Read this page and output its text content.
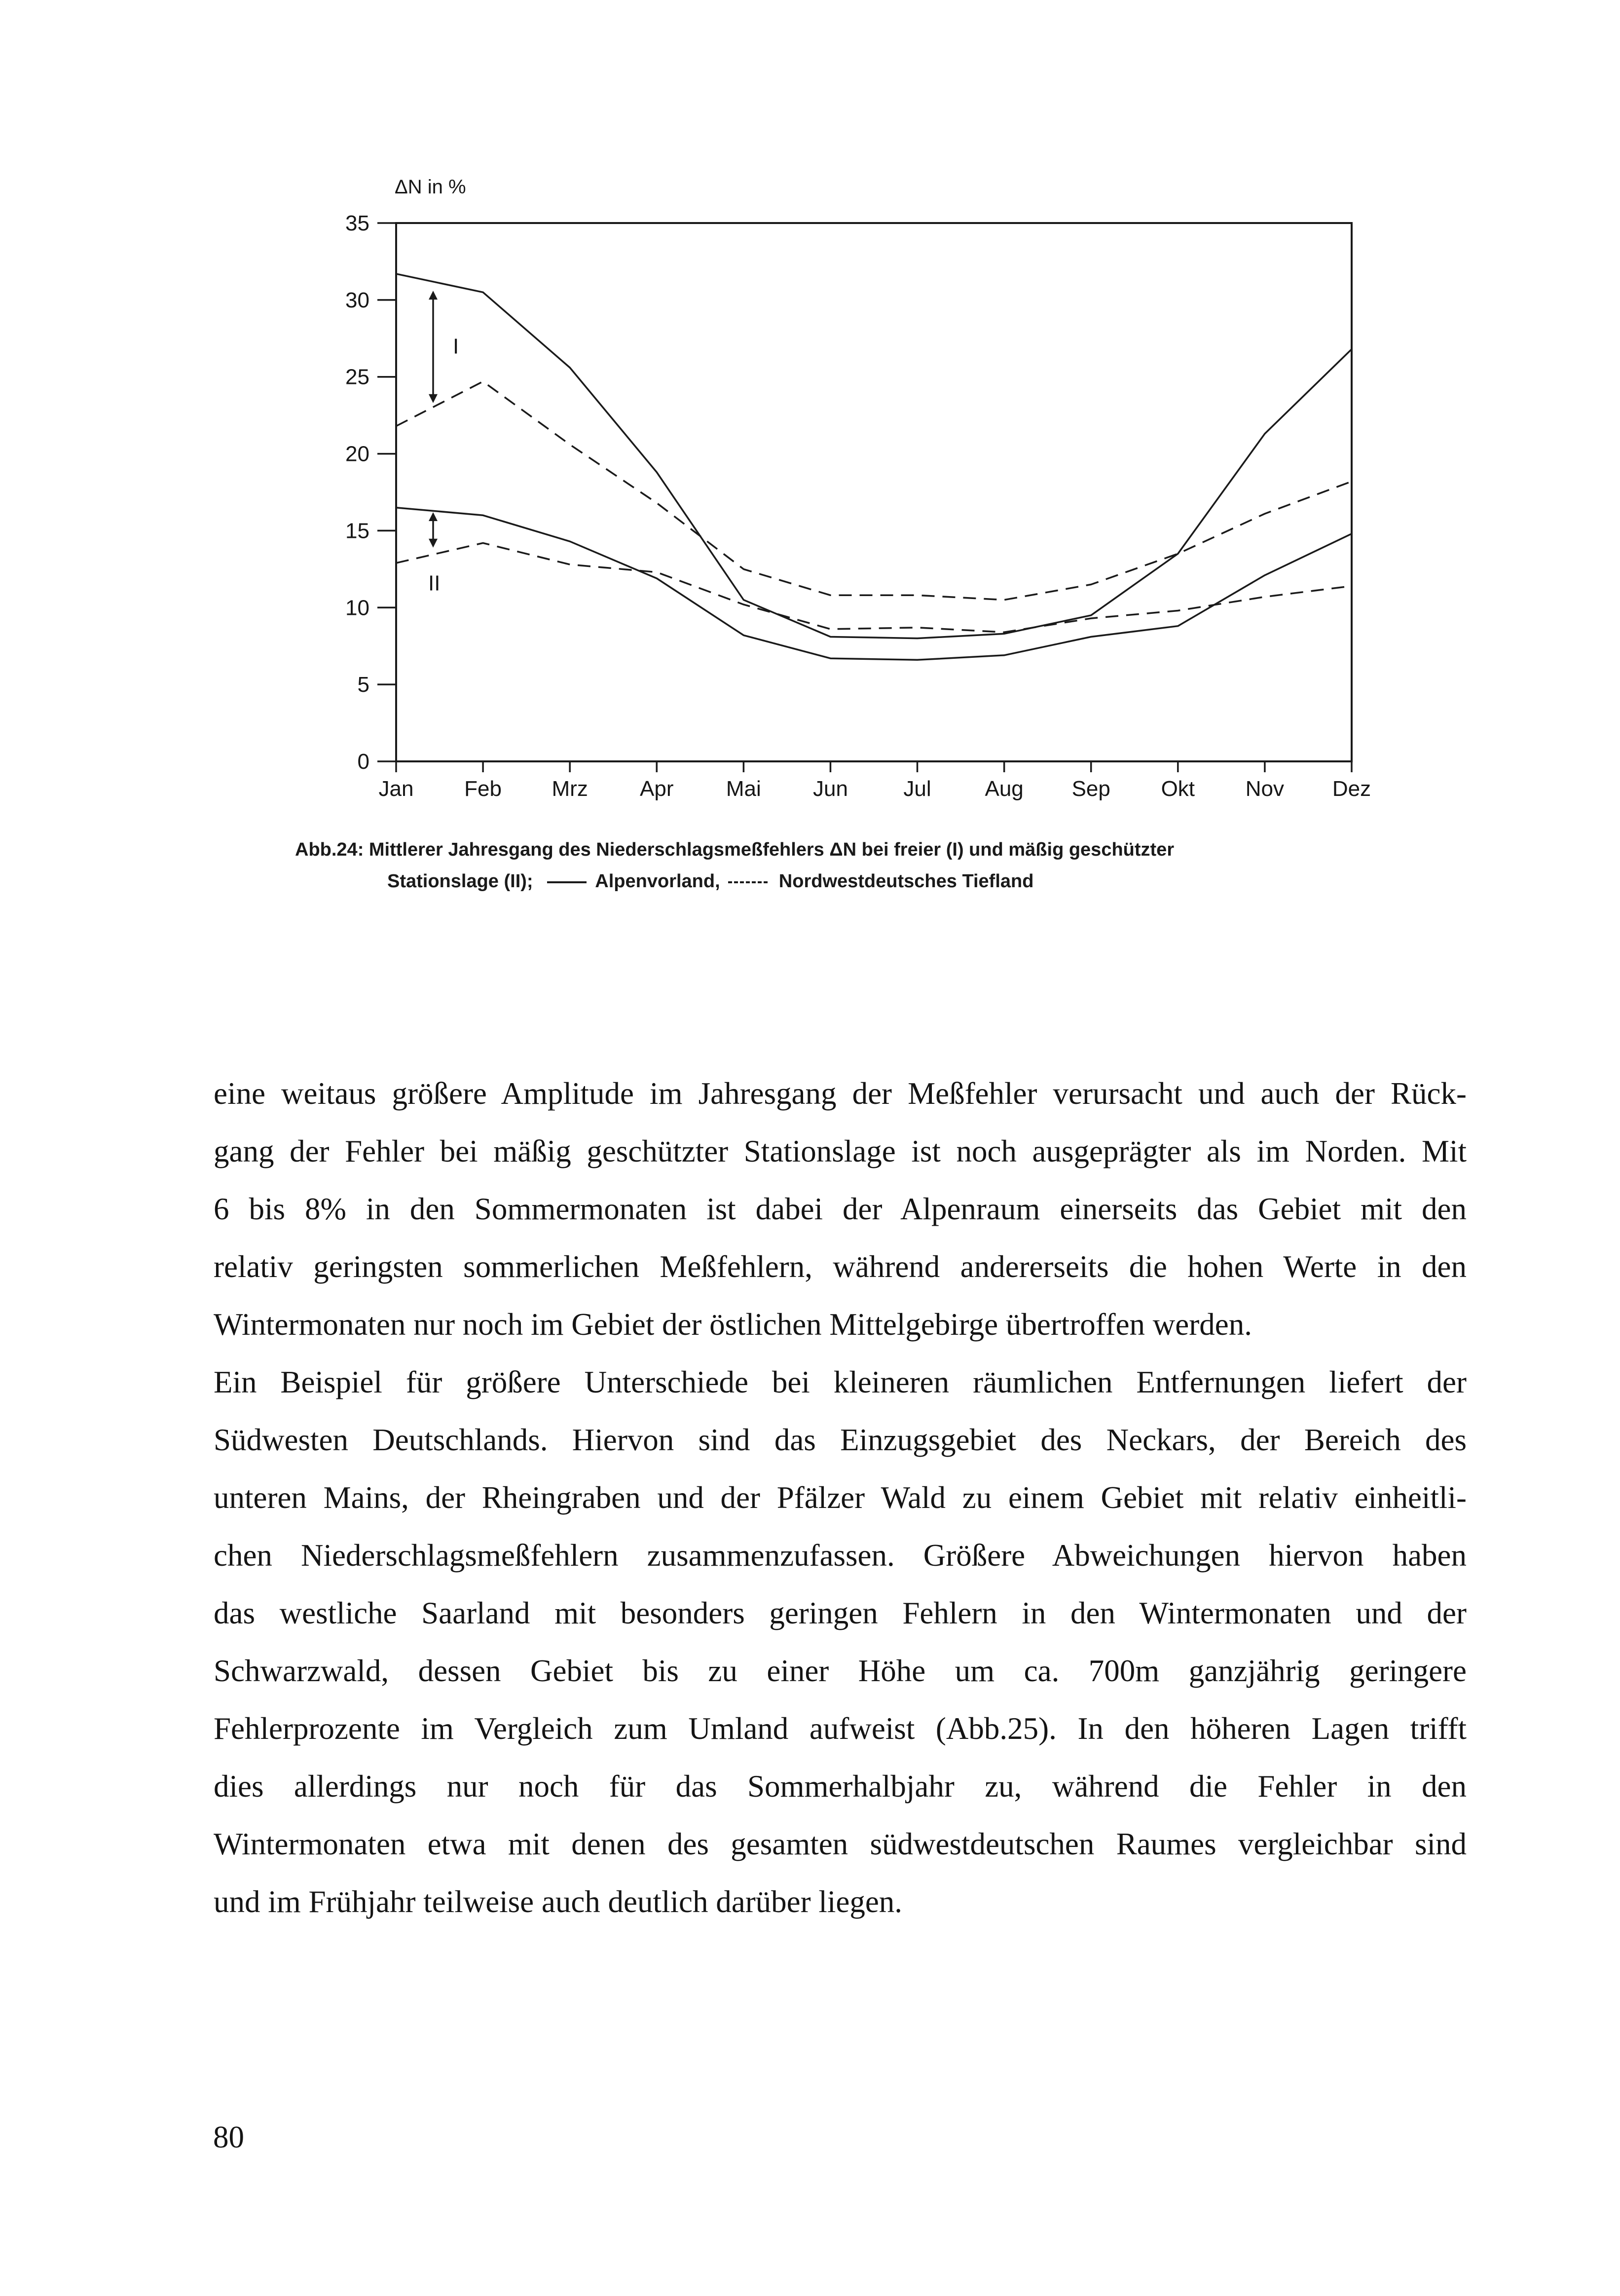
ΔN in %
0
5
10
15
20
25
30
35
Jan Feb Mrz Apr Mai Jun	Jul Aug Sep Okt Nov Dez
I
II
Abb.24: Mittlerer Jahresgang des Niederschlagsmeßfehlers ΔN bei freier (I) und mäßig geschützter
Stationslage (II);	Alpenvorland,	Nordwestdeutsches Tiefland
eine weitaus größere Amplitude im Jahresgang der Meßfehler verursacht und auch der Rück-
gang der Fehler bei mäßig geschützter Stationslage ist noch ausgeprägter als im Norden. Mit
6 bis 8% in den Sommermonaten ist dabei der Alpenraum einerseits das Gebiet mit den
relativ geringsten sommerlichen Meßfehlern, während andererseits die hohen Werte in den
Wintermonaten nur noch im Gebiet der östlichen Mittelgebirge übertroffen werden.
Ein Beispiel für größere Unterschiede bei kleineren räumlichen Entfernungen liefert der
Südwesten Deutschlands. Hiervon sind das Einzugsgebiet des Neckars, der Bereich des
unteren Mains, der Rheingraben und der Pfälzer Wald zu einem Gebiet mit relativ einheitli-
chen Niederschlagsmeßfehlern zusammenzufassen. Größere Abweichungen hiervon haben
das westliche Saarland mit besonders geringen Fehlern in den Wintermonaten und der
Schwarzwald, dessen Gebiet bis zu einer Höhe um ca. 700m ganzjährig geringere
Fehlerprozente im Vergleich zum Umland aufweist (Abb.25). In den höheren Lagen trifft
dies allerdings nur noch für das Sommerhalbjahr zu, während die Fehler in den
Wintermonaten etwa mit denen des gesamten südwestdeutschen Raumes vergleichbar sind
und im Frühjahr teilweise auch deutlich darüber liegen.
80
